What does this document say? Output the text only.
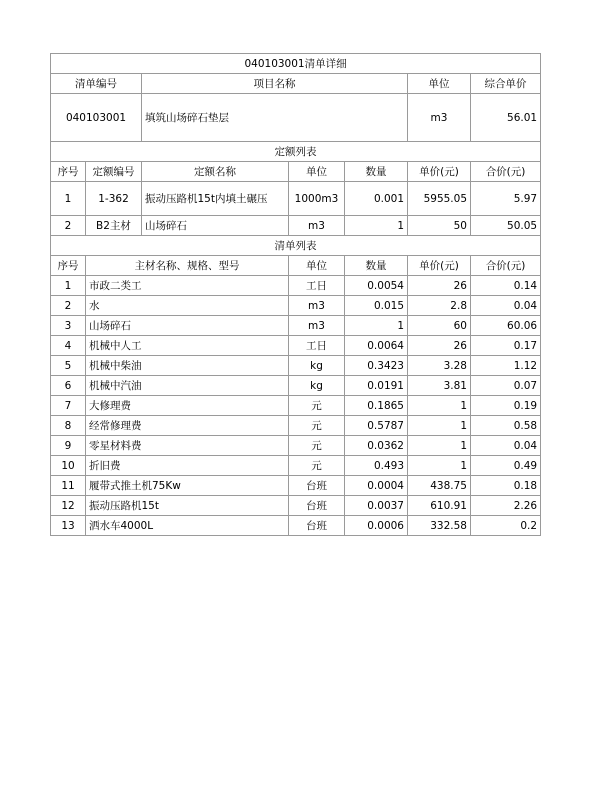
040103001清单详细						
清单编号		项目名称			单位	综合单价
040103001		填筑山场碎石垫层			m3	56.01
定额列表						
序号	定额编号	定额名称	单位	数量	单价(元)	合价(元)
1	1-362	振动压路机15t内填土碾压	1000m3	0.001	5955.05	5.97
2	B2主材	山场碎石	m3	1	50	50.05
清单列表						
序号	主材名称、规格、型号		单位	数量	单价(元)	合价(元)
1	市政二类工		工日	0.0054	26	0.14
2	水		m3	0.015	2.8	0.04
3	山场碎石		m3	1	60	60.06
4	机械中人工		工日	0.0064	26	0.17
5	机械中柴油		kg	0.3423	3.28	1.12
6	机械中汽油		kg	0.0191	3.81	0.07
7	大修理费		元	0.1865	1	0.19
8	经常修理费		元	0.5787	1	0.58
9	零星材料费		元	0.0362	1	0.04
10	折旧费		元	0.493	1	0.49
11	履带式推土机75Kw		台班	0.0004	438.75	0.18
12	振动压路机15t		台班	0.0037	610.91	2.26
13	洒水车4000L		台班	0.0006	332.58	0.2
